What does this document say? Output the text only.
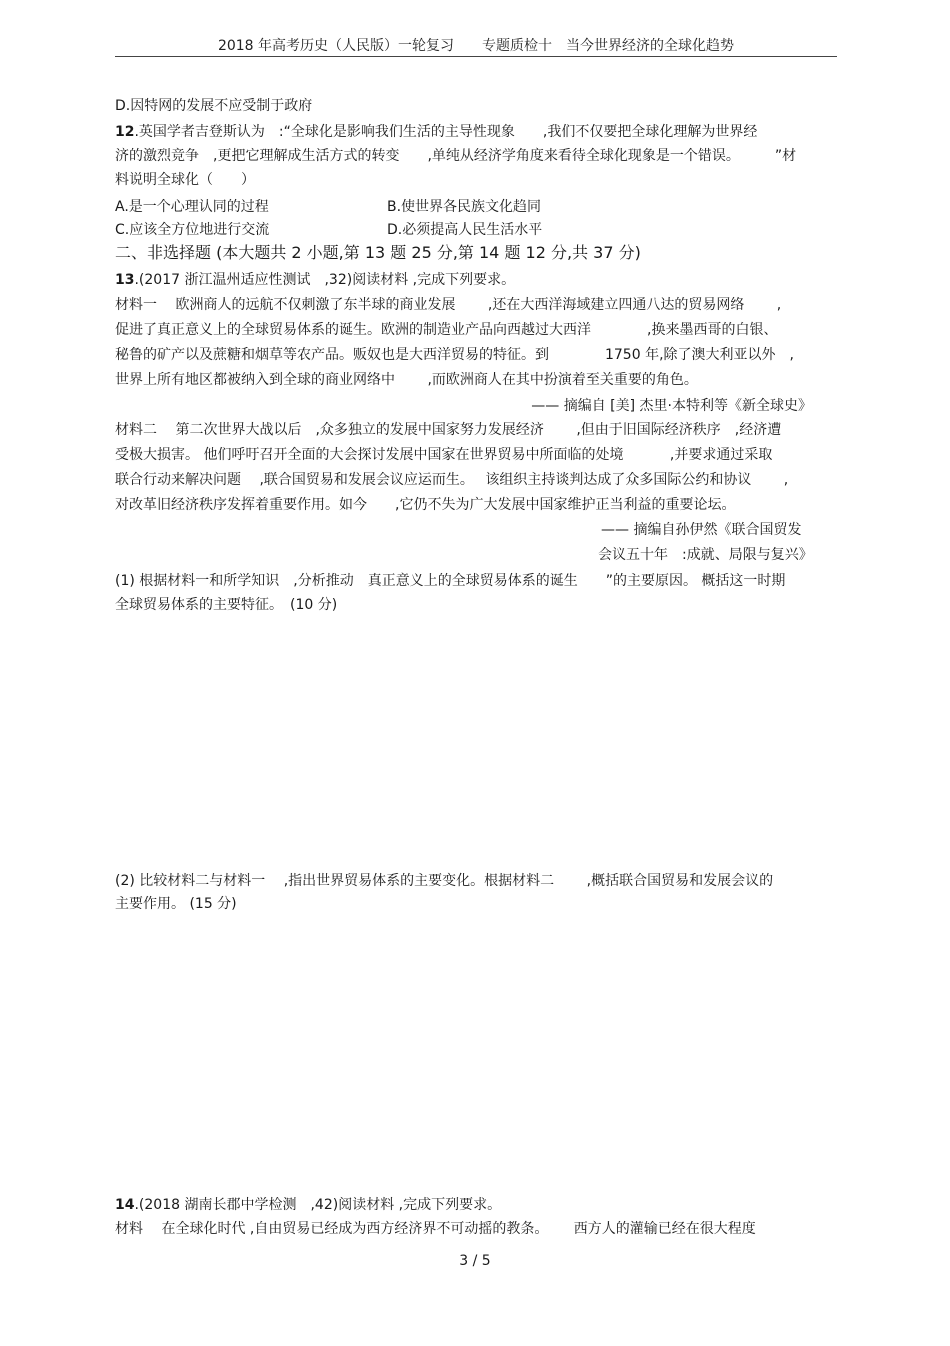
2018 年高考历史（人民版）一轮复习　　专题质检十　当今世界经济的全球化趋势
D.因特网的发展不应受制于政府
12.英国学者吉登斯认为　:“全球化是影响我们生活的主导性现象　　,我们不仅要把全球化理解为世界经
济的激烈竞争　,更把它理解成生活方式的转变　　,单纯从经济学角度来看待全球化现象是一个错误。　　　”材
料说明全球化（　　）
A.是一个心理认同的过程	B.使世界各民族文化趋同
C.应该全方位地进行交流	D.必须提高人民生活水平
二、非选择题 (本大题共 2 小题,第 13 题 25 分,第 14 题 12 分,共 37 分)
13.(2017 浙江温州适应性测试　,32)阅读材料 ,完成下列要求。
材料一　 欧洲商人的远航不仅刺激了东半球的商业发展　　 ,还在大西洋海域建立四通八达的贸易网络　　 ,
促进了真正意义上的全球贸易体系的诞生。欧洲的制造业产品向西越过大西洋　　　　,换来墨西哥的白银、
秘鲁的矿产以及蔗糖和烟草等农产品。贩奴也是大西洋贸易的特征。到　　　　1750 年,除了澳大利亚以外　,
世界上所有地区都被纳入到全球的商业网络中　　 ,而欧洲商人在其中扮演着至关重要的角色。
—— 摘编自 [美] 杰里·本特利等《新全球史》
材料二　 第二次世界大战以后　,众多独立的发展中国家努力发展经济　　 ,但由于旧国际经济秩序　,经济遭
受极大损害。 他们呼吁召开全面的大会探讨发展中国家在世界贸易中所面临的处境　　　 ,并要求通过采取
联合行动来解决问题　 ,联合国贸易和发展会议应运而生。　 该组织主持谈判达成了众多国际公约和协议　　 ,
对改革旧经济秩序发挥着重要作用。如今　　,它仍不失为广大发展中国家维护正当利益的重要论坛。
—— 摘编自孙伊然《联合国贸发
会议五十年　:成就、局限与复兴》
(1) 根据材料一和所学知识　,分析推动　真正意义上的全球贸易体系的诞生　　”的主要原因。 概括这一时期
全球贸易体系的主要特征。　(10 分)
(2) 比较材料二与材料一　 ,指出世界贸易体系的主要变化。根据材料二　　 ,概括联合国贸易和发展会议的
主要作用。 (15 分)
14.(2018 湖南长郡中学检测　,42)阅读材料 ,完成下列要求。
材料　 在全球化时代 ,自由贸易已经成为西方经济界不可动摇的教条。　　 西方人的灌输已经在很大程度
3 / 5
